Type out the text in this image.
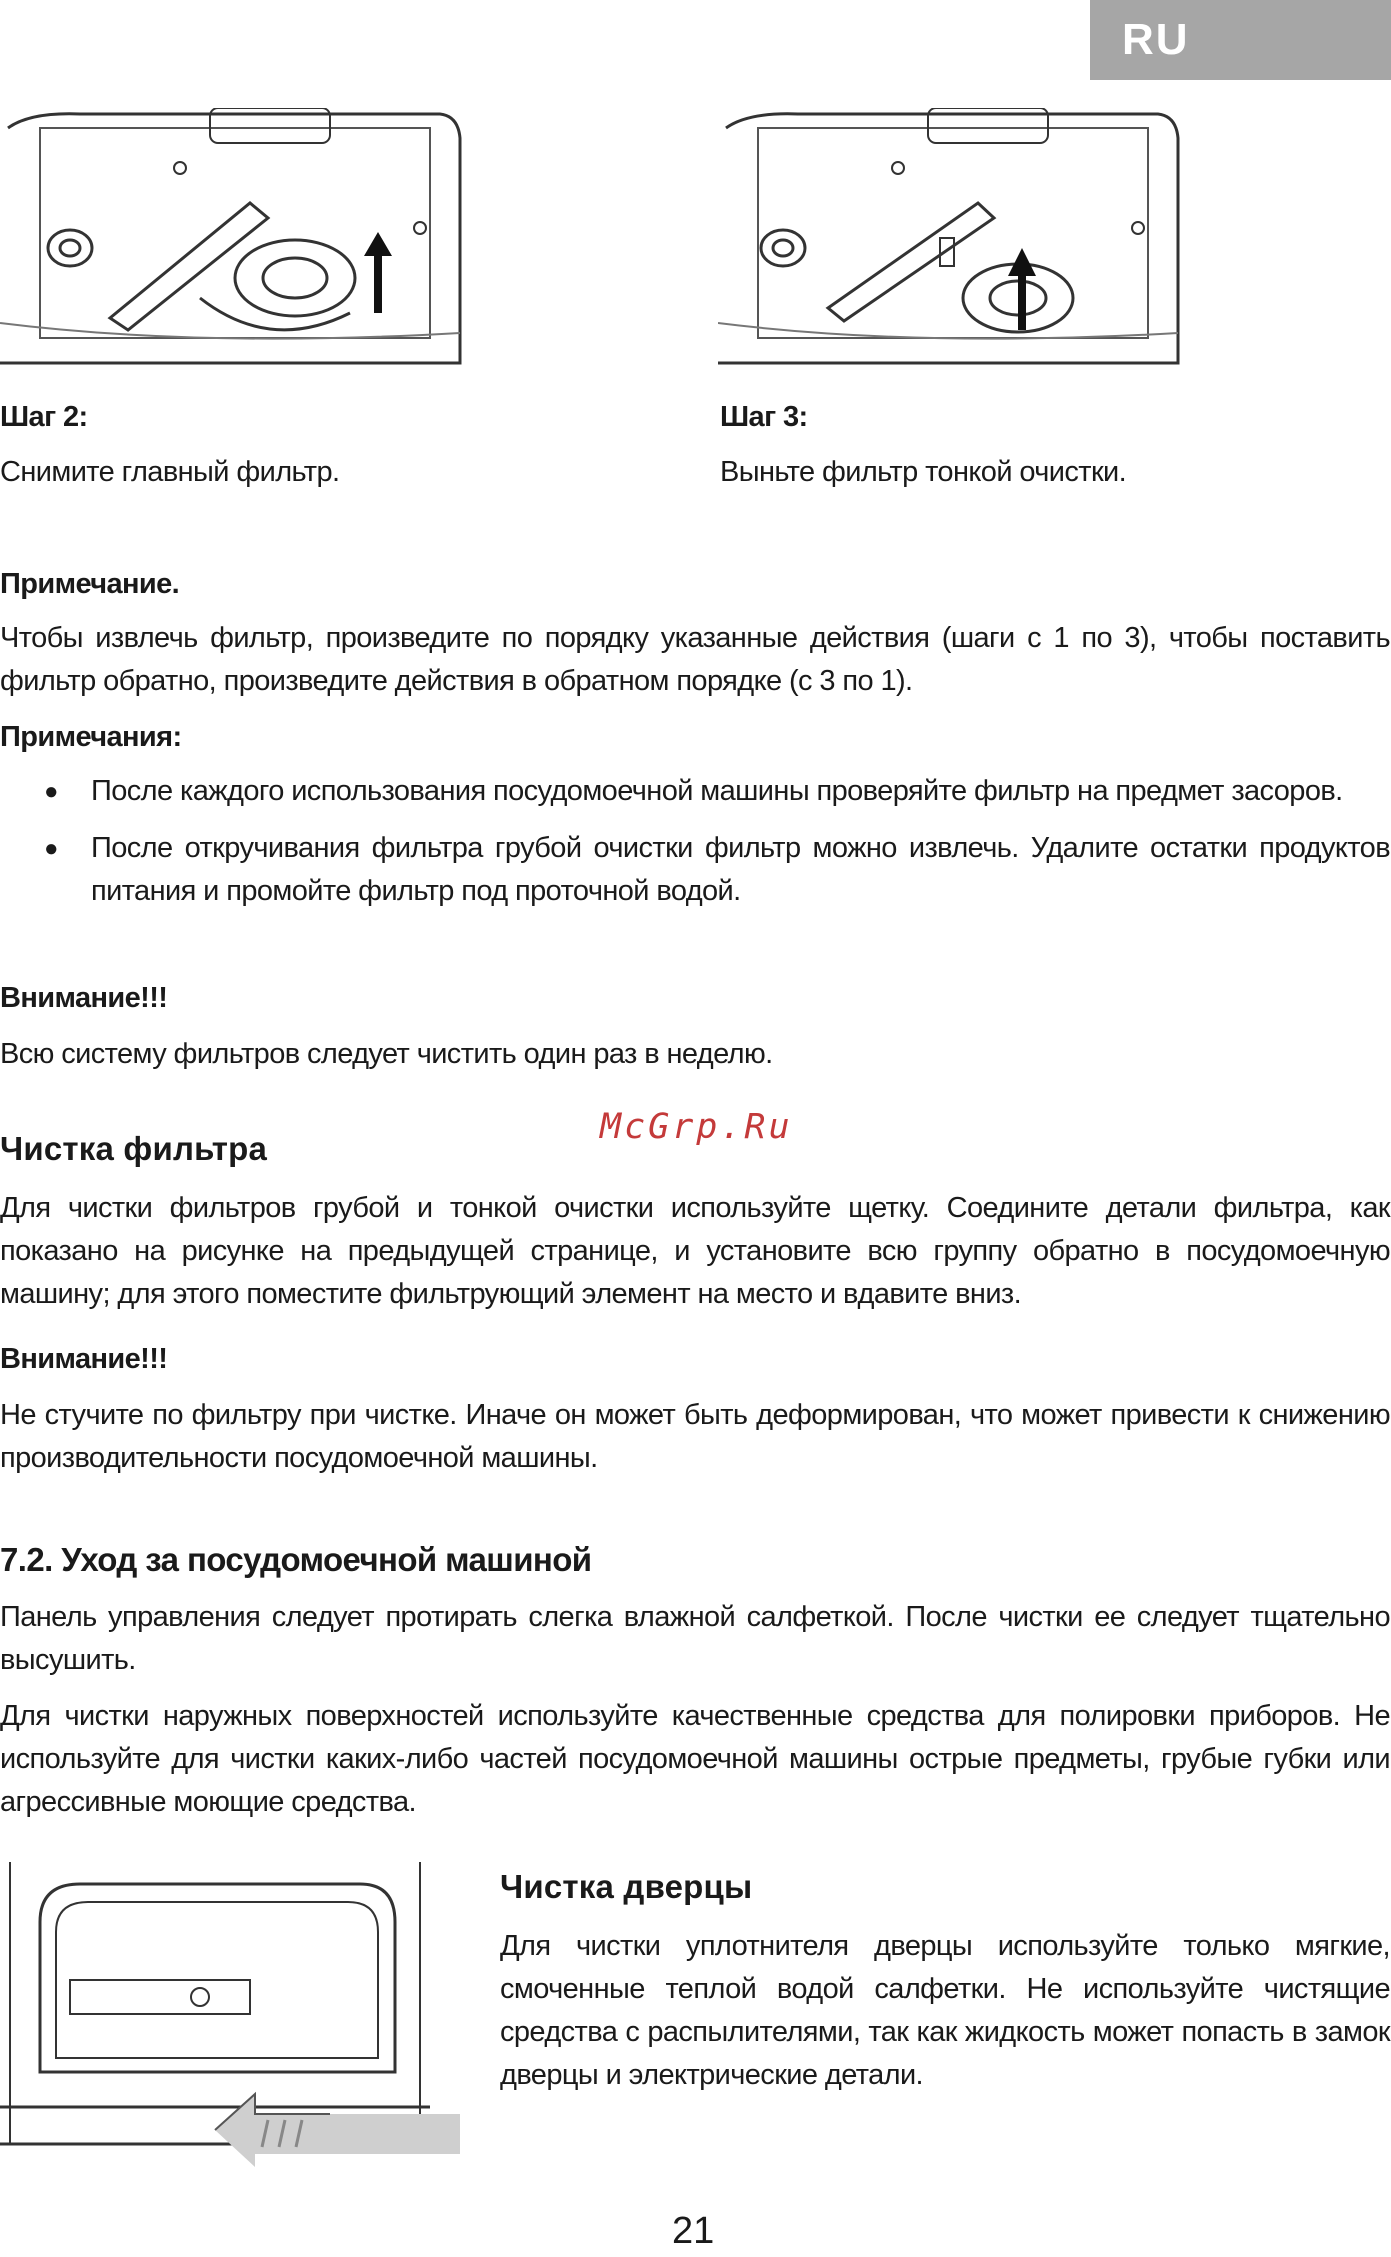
RU
Шаг 2:
Снимите главный фильтр.
Шаг 3:
Выньте фильтр тонкой очистки.
Примечание.
Чтобы извлечь фильтр, произведите по порядку указанные действия (шаги с 1 по 3), чтобы поставить фильтр обратно, произведите действия в обратном порядке (с 3 по 1).
Примечания:
● После каждого использования посудомоечной машины проверяйте фильтр на предмет засоров.
● После откручивания фильтра грубой очистки фильтр можно извлечь. Удалите остатки продуктов питания и промойте фильтр под проточной водой.
Внимание!!!
Всю систему фильтров следует чистить один раз в неделю.
McGrp.Ru
Чистка фильтра
Для чистки фильтров грубой и тонкой очистки используйте щетку. Соедините детали фильтра, как показано на рисунке на предыдущей странице, и установите всю группу обратно в посудомоечную машину; для этого поместите фильтрующий элемент на место и вдавите вниз.
Внимание!!!
Не стучите по фильтру при чистке. Иначе он может быть деформирован, что может привести к снижению производительности посудомоечной машины.
7.2. Уход за посудомоечной машиной
Панель управления следует протирать слегка влажной салфеткой. После чистки ее следует тщательно высушить.
Для чистки наружных поверхностей используйте качественные средства для полировки приборов. Не используйте для чистки каких-либо частей посудомоечной машины острые предметы, грубые губки или агрессивные моющие средства.
Чистка дверцы
Для чистки уплотнителя дверцы используйте только мягкие, смоченные теплой водой салфетки. Не используйте чистящие средства с распылителями, так как жидкость может попасть в замок дверцы и электрические детали.
21
